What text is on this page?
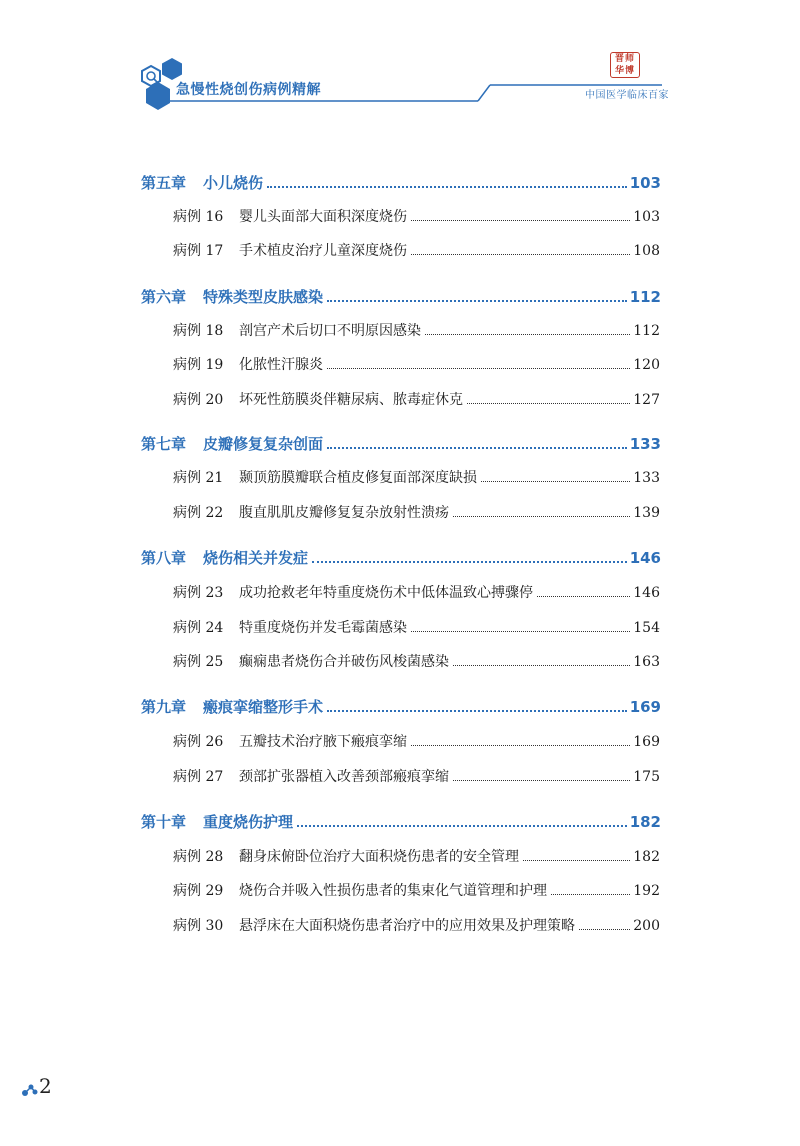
急慢性烧创伤病例精解
晋师
华博
中国医学临床百家
第五章	小儿烧伤	103
病例 16	婴儿头面部大面积深度烧伤	103
病例 17	手术植皮治疗儿童深度烧伤	108
第六章	特殊类型皮肤感染	112
病例 18	剖宫产术后切口不明原因感染	112
病例 19	化脓性汗腺炎	120
病例 20	坏死性筋膜炎伴糖尿病、脓毒症休克	127
第七章	皮瓣修复复杂创面	133
病例 21	颞顶筋膜瓣联合植皮修复面部深度缺损	133
病例 22	腹直肌肌皮瓣修复复杂放射性溃疡	139
第八章	烧伤相关并发症	146
病例 23	成功抢救老年特重度烧伤术中低体温致心搏骤停	146
病例 24	特重度烧伤并发毛霉菌感染	154
病例 25	癫痫患者烧伤合并破伤风梭菌感染	163
第九章	瘢痕挛缩整形手术	169
病例 26	五瓣技术治疗腋下瘢痕挛缩	169
病例 27	颈部扩张器植入改善颈部瘢痕挛缩	175
第十章	重度烧伤护理	182
病例 28	翻身床俯卧位治疗大面积烧伤患者的安全管理	182
病例 29	烧伤合并吸入性损伤患者的集束化气道管理和护理	192
病例 30	悬浮床在大面积烧伤患者治疗中的应用效果及护理策略	200
2
